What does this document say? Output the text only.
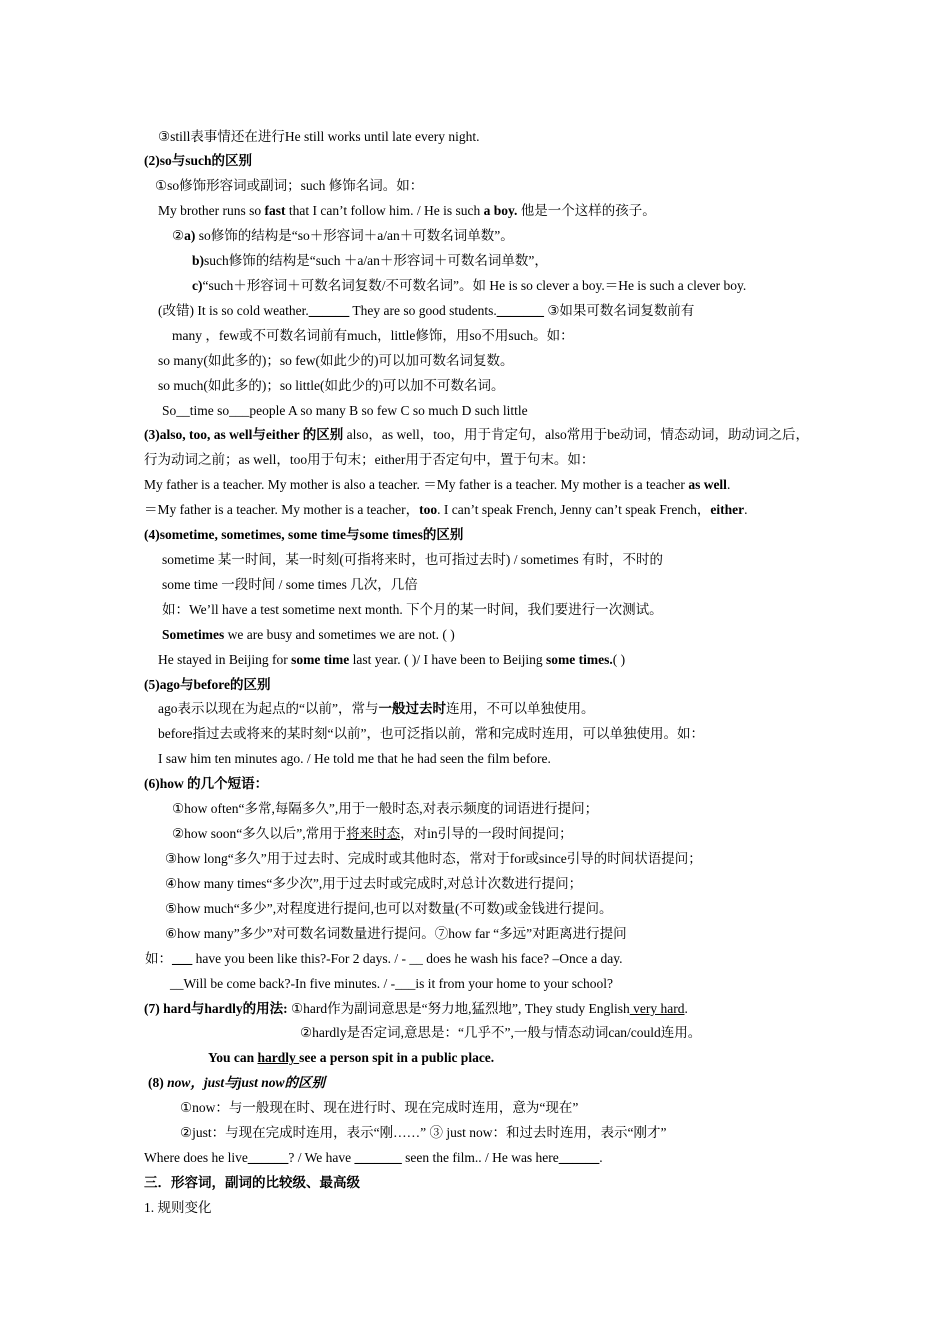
③still表事情还在进行He still works until late every night.
(2)so与such的区别
①so修饰形容词或副词；such 修饰名词。如：
My brother runs so fast that I can’t follow him. / He is such a boy. 他是一个这样的孩子。
②a) so修饰的结构是“so＋形容词＋a/an＋可数名词单数”。
b)such修饰的结构是“such ＋a/an＋形容词＋可数名词单数”，
c)“such＋形容词＋可数名词复数/不可数名词”。如 He is so clever a boy.＝He is such a clever boy.
(改错) It is so cold weather.______ They are so good students._______ ③如果可数名词复数前有
many ，few或不可数名词前有much，little修饰，用so不用such。如：
so many(如此多的)；so few(如此少的)可以加可数名词复数。
so much(如此多的)；so little(如此少的)可以加不可数名词。
So__time so___people A so many B so few C so much D such little
(3)also, too, as well与either 的区别 also，as well，too，用于肯定句，also常用于be动词，情态动词，助动词之后，
行为动词之前；as well，too用于句末；either用于否定句中，置于句末。如：
My father is a teacher. My mother is also a teacher. ＝My father is a teacher. My mother is a teacher as well.
＝My father is a teacher. My mother is a teacher，too. I can’t speak French, Jenny can’t speak French，either.
(4)sometime, sometimes, some time与some times的区别
sometime 某一时间，某一时刻(可指将来时，也可指过去时) / sometimes 有时，不时的
some time 一段时间 / some times 几次，几倍
如：We’ll have a test sometime next month. 下个月的某一时间，我们要进行一次测试。
Sometimes we are busy and sometimes we are not. ( )
He stayed in Beijing for some time last year. ( )/ I have been to Beijing some times.( )
(5)ago与before的区别
ago表示以现在为起点的“以前”，常与一般过去时连用，不可以单独使用。
before指过去或将来的某时刻“以前”，也可泛指以前，常和完成时连用，可以单独使用。如：
I saw him ten minutes ago. / He told me that he had seen the film before.
(6)how 的几个短语：
①how often“多常,每隔多久”,用于一般时态,对表示频度的词语进行提问；
②how soon“多久以后”,常用于将来时态，对in引导的一段时间提问；
③how long“多久”用于过去时、完成时或其他时态，常对于for或since引导的时间状语提问；
④how many times“多少次”,用于过去时或完成时,对总计次数进行提问；
⑤how much“多少”,对程度进行提问,也可以对数量(不可数)或金钱进行提问。
⑥how many”多少”对可数名词数量进行提问。⑦how far “多远”对距离进行提问
如：___ have you been like this?-For 2 days. / - __ does he wash his face? –Once a day.
__Will be come back?-In five minutes. / -___is it from your home to your school?
(7) hard与hardly的用法: ①hard作为副词意思是“努力地,猛烈地”, They study English very hard.
②hardly是否定词,意思是：“几乎不”,一般与情态动词can/could连用。
You can hardly see a person spit in a public place.
(8) now，just与just now的区别
①now：与一般现在时、现在进行时、现在完成时连用，意为“现在”
②just：与现在完成时连用，表示“刚……” ③ just now：和过去时连用，表示“刚才”
Where does he live______? / We have _______ seen the film.. / He was here______.
三．形容词，副词的比较级、最高级
1. 规则变化
